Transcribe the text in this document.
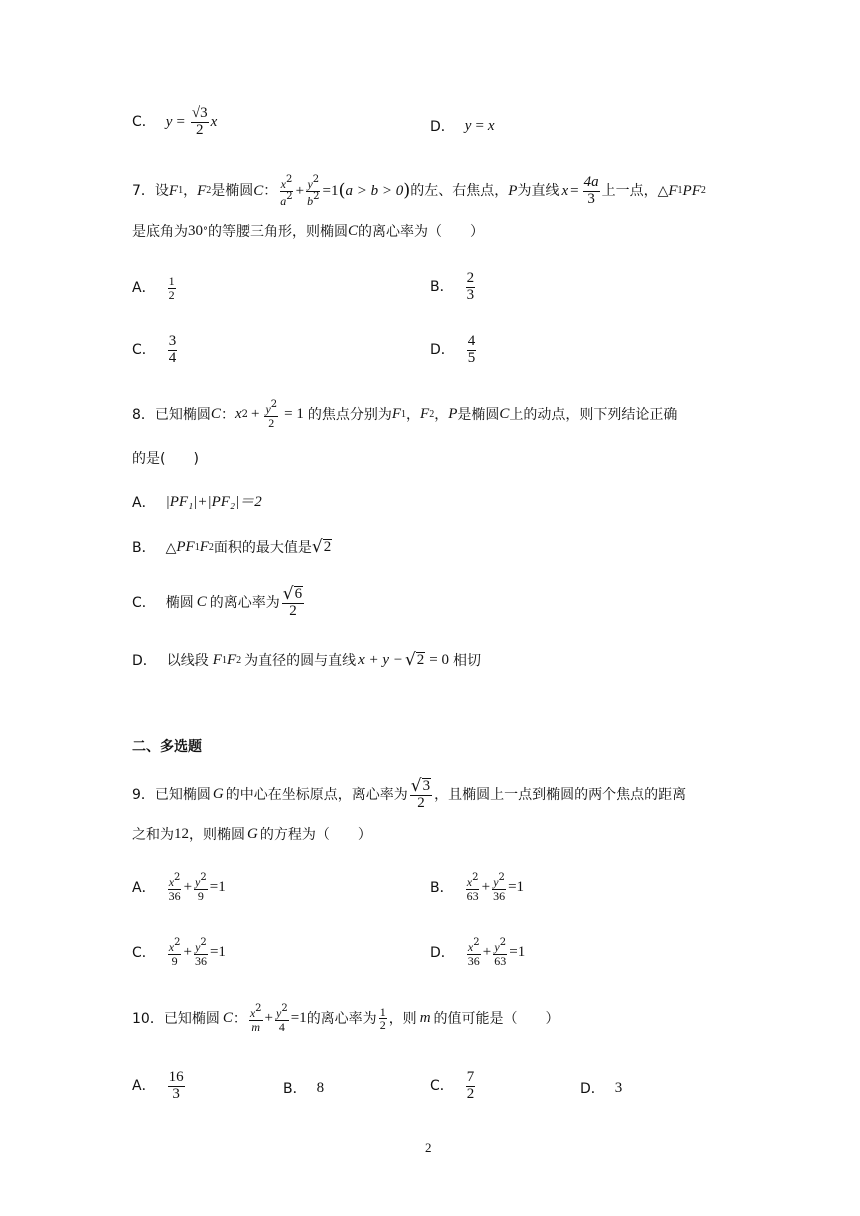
C． $y = \frac{√3}{2}$ x	D． y = x
7．设 F 1 ， F 2 是椭圆 C ： $\frac{x^2}{a^2} + \frac{y^2}{b^2} =1$ ( a > b > 0 ) 的左、右焦点， P 为直线 $x = \frac{4a}{3}$ 上一点，△ F 1 PF 2
是底角为 30 ° 的等腰三角形，则椭圆 C 的离心率为（　　）
A． $\frac{1}{2}$	B． $\frac{2}{3}$
C． $\frac{3}{4}$	D． $\frac{4}{5}$
8．已知椭圆 C ： x $2 + \frac{y^2}{2} = 1$ 的焦点分别为 F 1 ， F 2 ， P 是椭圆 C 上的动点，则下列结论正确
的是(　　)
A． |PF₁|+|PF₂|＝2
B． △ PF 1 F 2 面积的最大值是 √ 2
C． 椭圆 C 的离心率为 $\frac{√ 6}{2}$
D． 以线段 F 1 F 2 为直径的圆与直线 x + y − √ 2 = 0 相切
二、多选题
9．已知椭圆 G 的中心在坐标原点，离心率为 $\frac{√ 3}{2}$ ，且椭圆上一点到椭圆的两个焦点的距离
之和为 12 ，则椭圆 G 的方程为（　　）
A． $\frac{x^2}{36} + \frac{y^2}{9} =1$	B． $\frac{x^2}{63} + \frac{y^2}{36} =1$
C． $\frac{x^2}{9} + \frac{y^2}{36} =1$	D． $\frac{x^2}{36} + \frac{y^2}{63} =1$
10．已知椭圆 C ： $\frac{x^2}{m} + \frac{y^2}{4} =1$ 的离心率为 $\frac{1}{2}$ ，则 m 的值可能是（　　）
A． $\frac{16}{3}$	B． 8	C． $\frac{7}{2}$	D． 3
2
